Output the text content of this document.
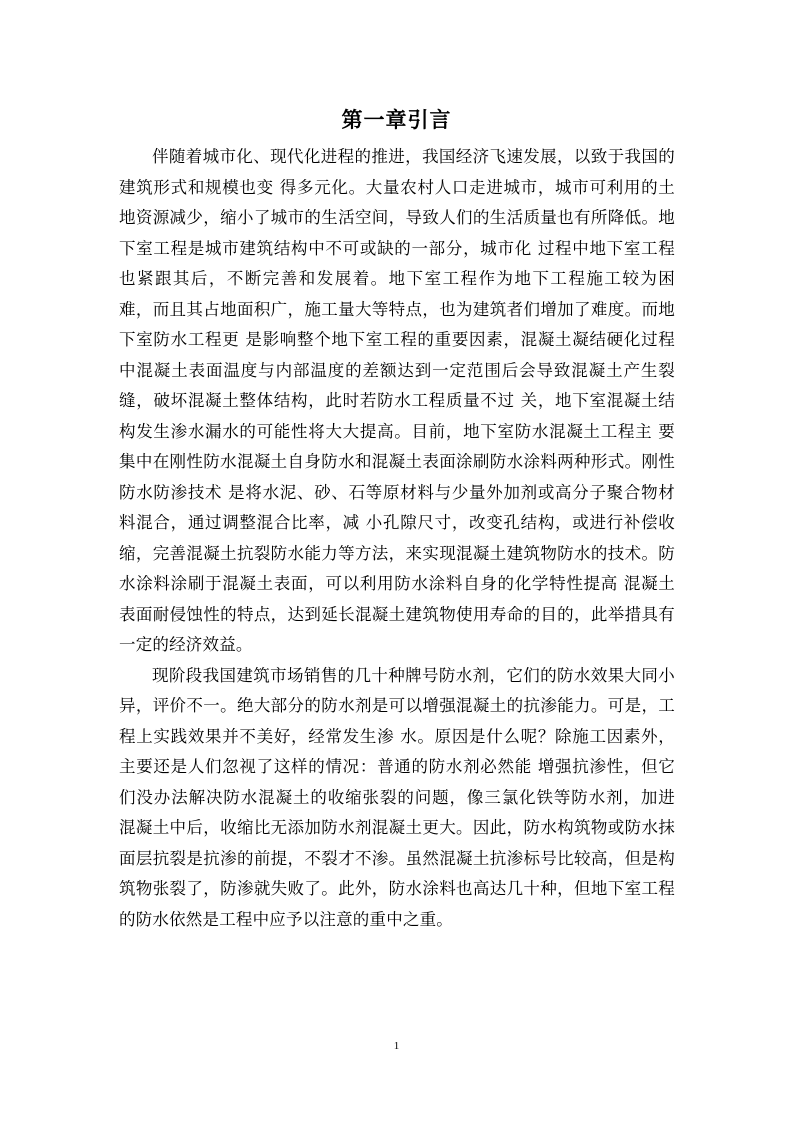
第一章引言

伴随着城市化、现代化进程的推进，我国经济飞速发展，以致于我国的建筑形式和规模也变 得多元化。大量农村人口走进城市，城市可利用的土地资源减少，缩小了城市的生活空间，导致人们的生活质量也有所降低。地下室工程是城市建筑结构中不可或缺的一部分，城市化 过程中地下室工程也紧跟其后，不断完善和发展着。地下室工程作为地下工程施工较为困 难，而且其占地面积广，施工量大等特点，也为建筑者们增加了难度。而地下室防水工程更 是影响整个地下室工程的重要因素，混凝土凝结硬化过程中混凝土表面温度与内部温度的差额达到一定范围后会导致混凝土产生裂缝，破坏混凝土整体结构，此时若防水工程质量不过 关，地下室混凝土结构发生渗水漏水的可能性将大大提高。目前，地下室防水混凝土工程主 要集中在刚性防水混凝土自身防水和混凝土表面涂刷防水涂料两种形式。刚性防水防渗技术 是将水泥、砂、石等原材料与少量外加剂或高分子聚合物材料混合，通过调整混合比率，减 小孔隙尺寸，改变孔结构，或进行补偿收缩，完善混凝土抗裂防水能力等方法，来实现混凝土建筑物防水的技术。防水涂料涂刷于混凝土表面，可以利用防水涂料自身的化学特性提高 混凝土表面耐侵蚀性的特点，达到延长混凝土建筑物使用寿命的目的，此举措具有一定的经济效益。

现阶段我国建筑市场销售的几十种牌号防水剂，它们的防水效果大同小异，评价不一。绝大部分的防水剂是可以增强混凝土的抗渗能力。可是，工程上实践效果并不美好，经常发生渗 水。原因是什么呢？除施工因素外，主要还是人们忽视了这样的情况：普通的防水剂必然能 增强抗渗性，但它们没办法解决防水混凝土的收缩张裂的问题，像三氯化铁等防水剂，加进 混凝土中后，收缩比无添加防水剂混凝土更大。因此，防水构筑物或防水抹面层抗裂是抗渗的前提，不裂才不渗。虽然混凝土抗渗标号比较高，但是构筑物张裂了，防渗就失败了。此外，防水涂料也高达几十种，但地下室工程的防水依然是工程中应予以注意的重中之重。

1
